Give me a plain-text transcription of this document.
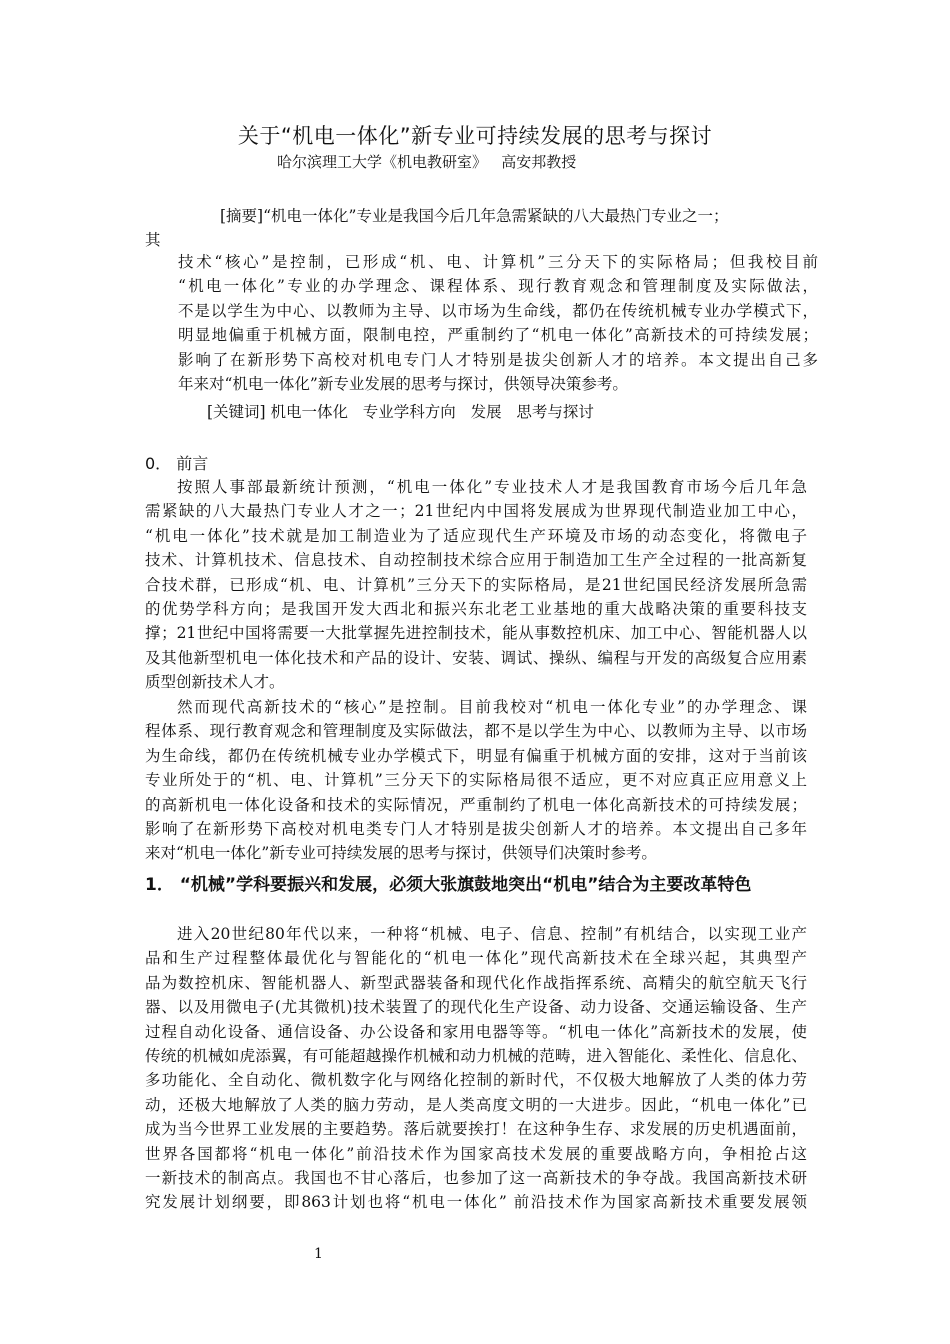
关于“机电一体化”新专业可持续发展的思考与探讨
哈尔滨理工大学《机电教研室》   高安邦教授
[摘要]“机电一体化”专业是我国今后几年急需紧缺的八大最热门专业之一；
其
技术“核心”是控制，已形成“机、电、计算机”三分天下的实际格局；但我校目前
“机电一体化”专业的办学理念、课程体系、现行教育观念和管理制度及实际做法，
不是以学生为中心、以教师为主导、以市场为生命线，都仍在传统机械专业办学模式下，
明显地偏重于机械方面，限制电控，严重制约了“机电一体化”高新技术的可持续发展；
影响了在新形势下高校对机电专门人才特别是拔尖创新人才的培养。本文提出自己多
年来对“机电一体化”新专业发展的思考与探讨，供领导决策参考。
[关键词] 机电一体化   专业学科方向   发展   思考与探讨
0． 前言
按照人事部最新统计预测，“机电一体化”专业技术人才是我国教育市场今后几年急
需紧缺的八大最热门专业人才之一；21世纪内中国将发展成为世界现代制造业加工中心，
“机电一体化”技术就是加工制造业为了适应现代生产环境及市场的动态变化，将微电子
技术、计算机技术、信息技术、自动控制技术综合应用于制造加工生产全过程的一批高新复
合技术群，已形成“机、电、计算机”三分天下的实际格局，是21世纪国民经济发展所急需
的优势学科方向；是我国开发大西北和振兴东北老工业基地的重大战略决策的重要科技支
撑；21世纪中国将需要一大批掌握先进控制技术，能从事数控机床、加工中心、智能机器人以
及其他新型机电一体化技术和产品的设计、安装、调试、操纵、编程与开发的高级复合应用素
质型创新技术人才。
然而现代高新技术的“核心”是控制。目前我校对“机电一体化专业”的办学理念、课
程体系、现行教育观念和管理制度及实际做法，都不是以学生为中心、以教师为主导、以市场
为生命线，都仍在传统机械专业办学模式下，明显有偏重于机械方面的安排，这对于当前该
专业所处于的“机、电、计算机”三分天下的实际格局很不适应，更不对应真正应用意义上
的高新机电一体化设备和技术的实际情况，严重制约了机电一体化高新技术的可持续发展；
影响了在新形势下高校对机电类专门人才特别是拔尖创新人才的培养。本文提出自己多年
来对“机电一体化”新专业可持续发展的思考与探讨，供领导们决策时参考。
1． “机械”学科要振兴和发展，必须大张旗鼓地突出“机电”结合为主要改革特色
进入20世纪80年代以来，一种将“机械、电子、信息、控制”有机结合，以实现工业产
品和生产过程整体最优化与智能化的“机电一体化”现代高新技术在全球兴起，其典型产
品为数控机床、智能机器人、新型武器装备和现代化作战指挥系统、高精尖的航空航天飞行
器、以及用微电子(尤其微机)技术装置了的现代化生产设备、动力设备、交通运输设备、生产
过程自动化设备、通信设备、办公设备和家用电器等等。“机电一体化”高新技术的发展，使
传统的机械如虎添翼，有可能超越操作机械和动力机械的范畴，进入智能化、柔性化、信息化、
多功能化、全自动化、微机数字化与网络化控制的新时代，不仅极大地解放了人类的体力劳
动，还极大地解放了人类的脑力劳动，是人类高度文明的一大进步。因此，“机电一体化”已
成为当今世界工业发展的主要趋势。落后就要挨打！在这种争生存、求发展的历史机遇面前，
世界各国都将“机电一体化”前沿技术作为国家高技术发展的重要战略方向，争相抢占这
一新技术的制高点。我国也不甘心落后，也参加了这一高新技术的争夺战。我国高新技术研
究发展计划纲要，即863计划也将“机电一体化” 前沿技术作为国家高新技术重要发展领
1
